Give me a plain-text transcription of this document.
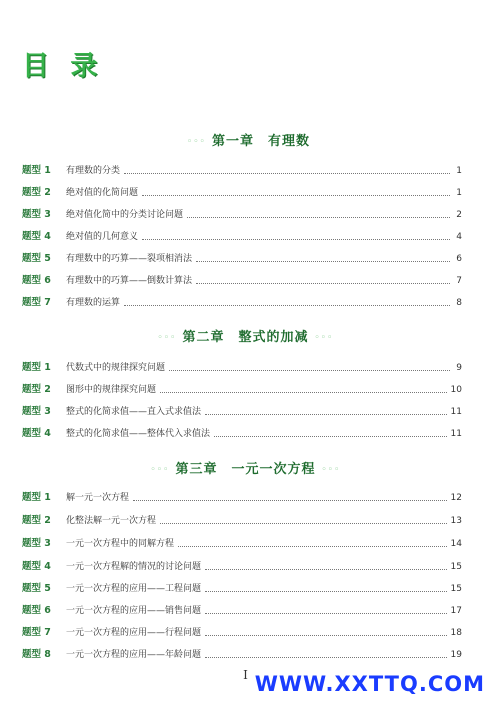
目 录
◦◦◦ 第一章　有理数
题型 1	有理数的分类	1
题型 2	绝对值的化简问题	1
题型 3	绝对值化简中的分类讨论问题	2
题型 4	绝对值的几何意义	4
题型 5	有理数中的巧算——裂项相消法	6
题型 6	有理数中的巧算——倒数计算法	7
题型 7	有理数的运算	8
◦◦◦ 第二章　整式的加减 ◦◦◦
题型 1	代数式中的规律探究问题	9
题型 2	图形中的规律探究问题	10
题型 3	整式的化简求值——直入式求值法	11
题型 4	整式的化简求值——整体代入求值法	11
◦◦◦ 第三章　一元一次方程 ◦◦◦
题型 1	解一元一次方程	12
题型 2	化整法解一元一次方程	13
题型 3	一元一次方程中的同解方程	14
题型 4	一元一次方程解的情况的讨论问题	15
题型 5	一元一次方程的应用——工程问题	15
题型 6	一元一次方程的应用——销售问题	17
题型 7	一元一次方程的应用——行程问题	18
题型 8	一元一次方程的应用——年龄问题	19
I WWW.XXTTQ.COM
